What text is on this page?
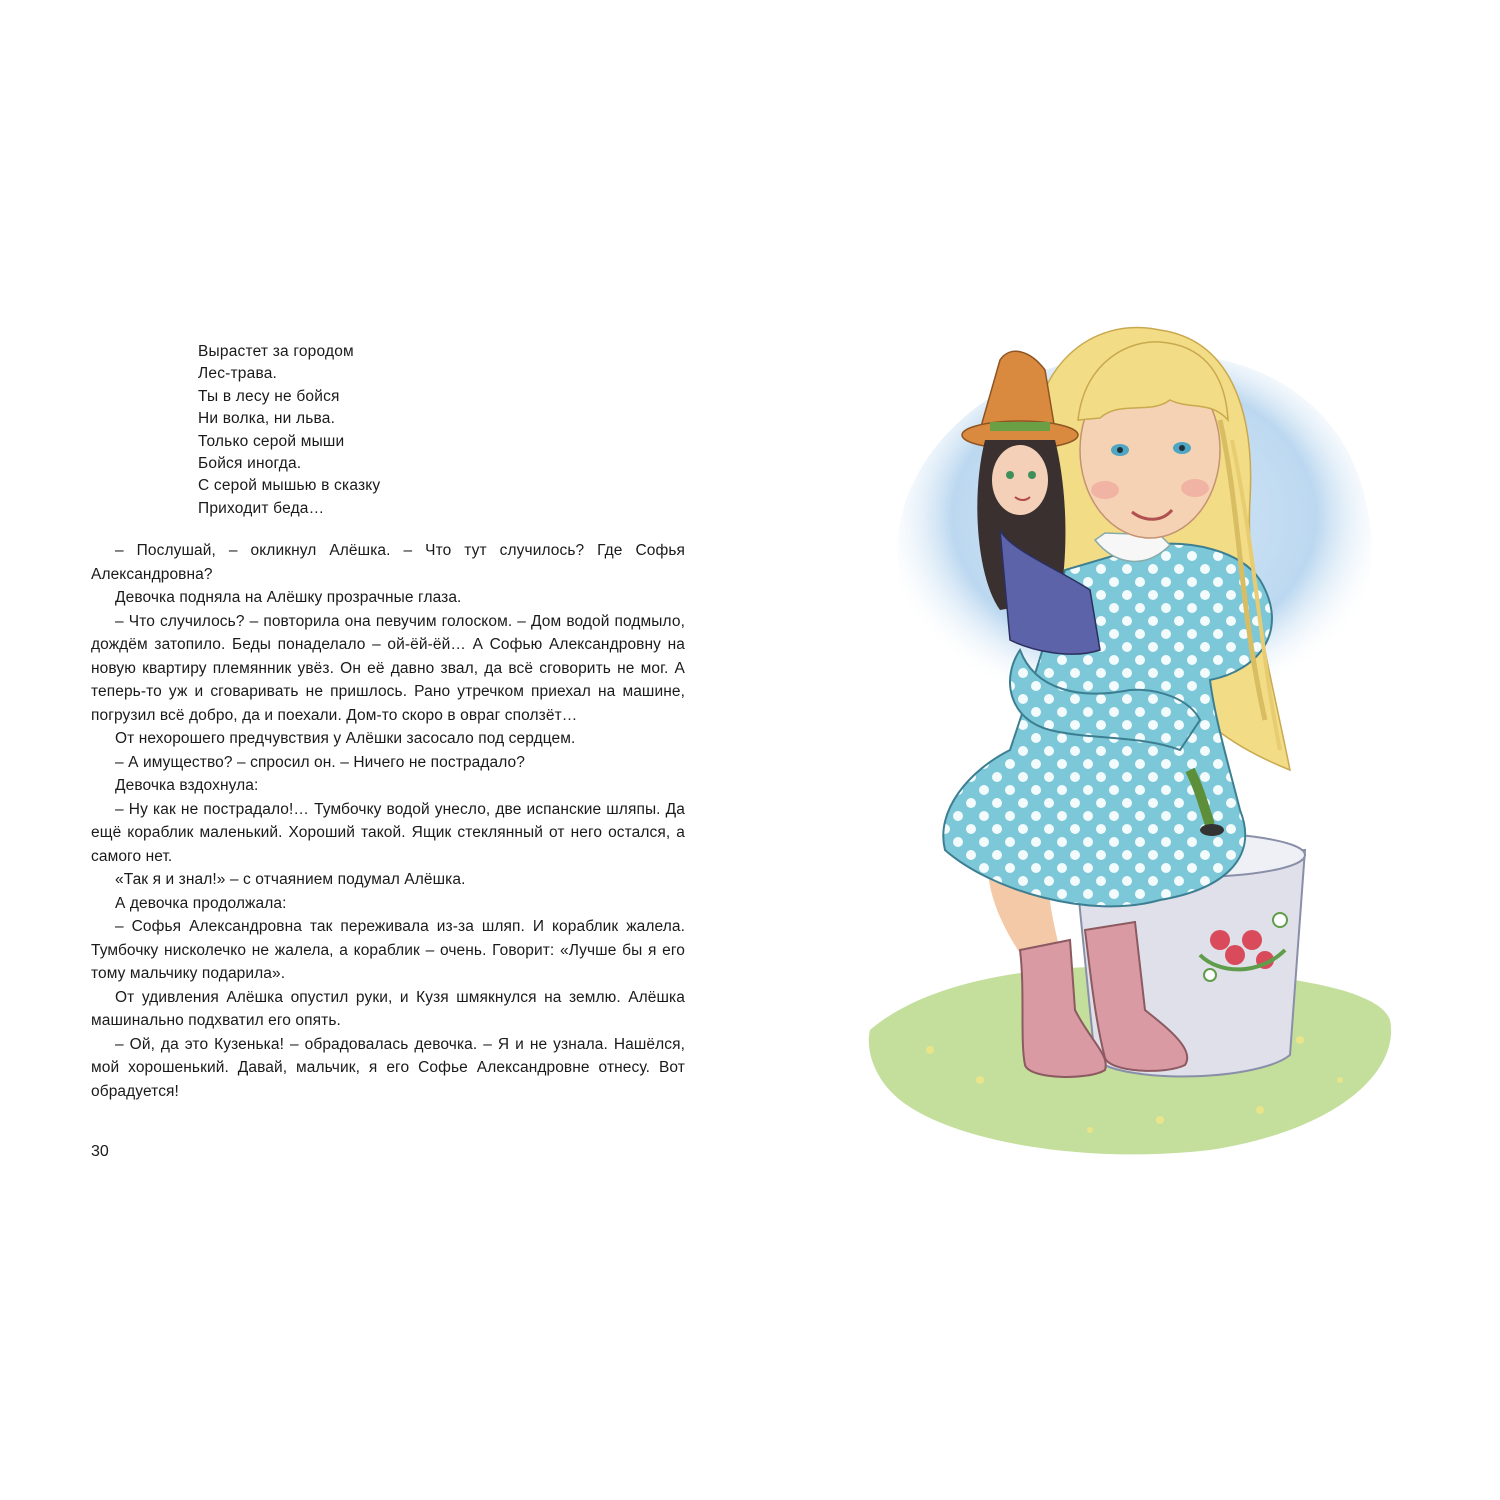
Вырастет за городом
Лес-трава.
Ты в лесу не бойся
Ни волка, ни льва.
Только серой мыши
Бойся иногда.
С серой мышью в сказку
Приходит беда…

– Послушай, – окликнул Алёшка. – Что тут случилось? Где Софья Александровна?

Девочка подняла на Алёшку прозрачные глаза.

– Что случилось? – повторила она певучим голоском. – Дом водой подмыло, дождём затопило. Беды понаделало – ой-ёй-ёй… А Софью Александровну на новую квартиру племянник увёз. Он её давно звал, да всё сговорить не мог. А теперь-то уж и сговаривать не пришлось. Рано утречком приехал на машине, погрузил всё добро, да и поехали. Дом-то скоро в овраг сползёт…

От нехорошего предчувствия у Алёшки засосало под сердцем.

– А имущество? – спросил он. – Ничего не пострадало?

Девочка вздохнула:

– Ну как не пострадало!… Тумбочку водой унесло, две испанские шляпы. Да ещё кораблик маленький. Хороший такой. Ящик стеклянный от него остался, а самого нет.

«Так я и знал!» – с отчаянием подумал Алёшка.

А девочка продолжала:

– Софья Александровна так переживала из-за шляп. И кораблик жалела. Тумбочку нисколечко не жалела, а кораблик – очень. Говорит: «Лучше бы я его тому мальчику подарила».

От удивления Алёшка опустил руки, и Кузя шмякнулся на землю. Алёшка машинально подхватил его опять.

– Ой, да это Кузенька! – обрадовалась девочка. – Я и не узнала. Нашёлся, мой хорошенький. Давай, мальчик, я его Софье Александровне отнесу. Вот обрадуется!

30
